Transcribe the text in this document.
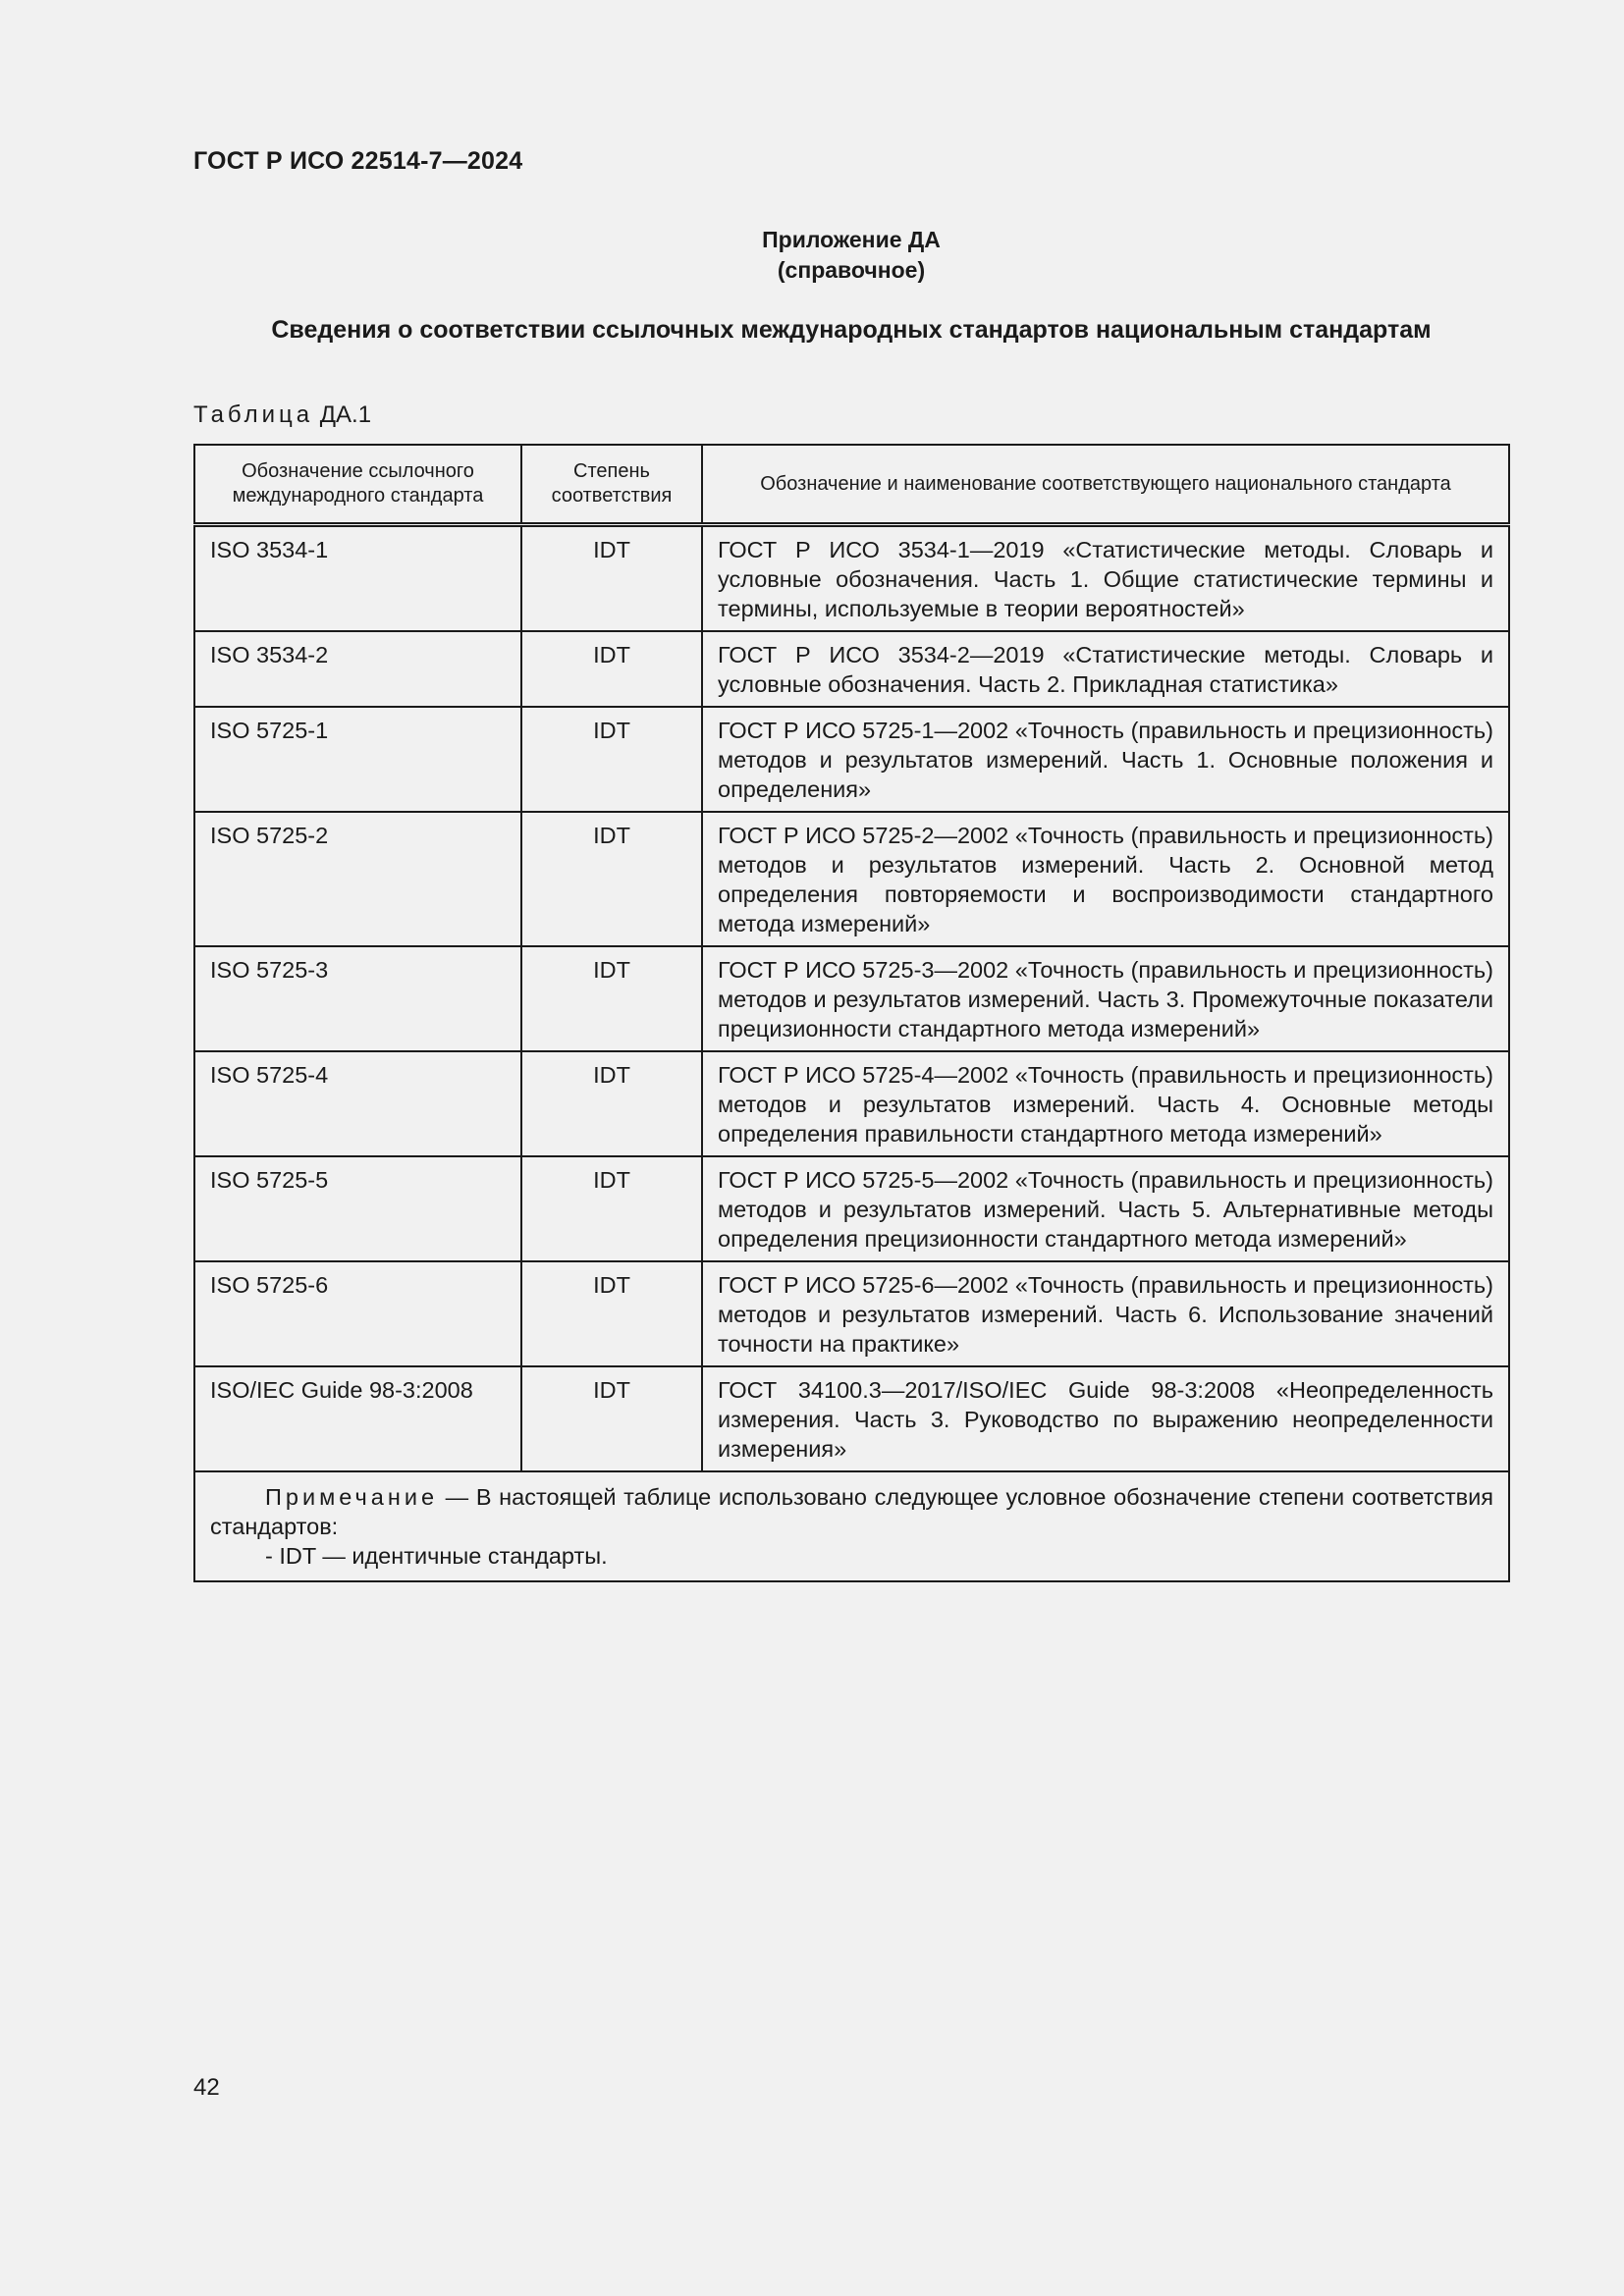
ГОСТ Р ИСО 22514-7—2024
Приложение ДА
(справочное)
Сведения о соответствии ссылочных международных стандартов национальным стандартам
Таблица ДА.1
Обозначение ссылочного международного стандарта	Степень соответствия	Обозначение и наименование соответствующего национального стандарта
ISO 3534-1	IDT	ГОСТ Р ИСО 3534-1—2019 «Статистические методы. Словарь и условные обозначения. Часть 1. Общие статистические термины и термины, используемые в теории вероятностей»
ISO 3534-2	IDT	ГОСТ Р ИСО 3534-2—2019 «Статистические методы. Словарь и условные обозначения. Часть 2. Прикладная статистика»
ISO 5725-1	IDT	ГОСТ Р ИСО 5725-1—2002 «Точность (правильность и прецизионность) методов и результатов измерений. Часть 1. Основные положения и определения»
ISO 5725-2	IDT	ГОСТ Р ИСО 5725-2—2002 «Точность (правильность и прецизионность) методов и результатов измерений. Часть 2. Основной метод определения повторяемости и воспроизводимости стандартного метода измерений»
ISO 5725-3	IDT	ГОСТ Р ИСО 5725-3—2002 «Точность (правильность и прецизионность) методов и результатов измерений. Часть 3. Промежуточные показатели прецизионности стандартного метода измерений»
ISO 5725-4	IDT	ГОСТ Р ИСО 5725-4—2002 «Точность (правильность и прецизионность) методов и результатов измерений. Часть 4. Основные методы определения правильности стандартного метода измерений»
ISO 5725-5	IDT	ГОСТ Р ИСО 5725-5—2002 «Точность (правильность и прецизионность) методов и результатов измерений. Часть 5. Альтернативные методы определения прецизионности стандартного метода измерений»
ISO 5725-6	IDT	ГОСТ Р ИСО 5725-6—2002 «Точность (правильность и прецизионность) методов и результатов измерений. Часть 6. Использование значений точности на практике»
ISO/IEC Guide 98-3:2008	IDT	ГОСТ 34100.3—2017/ISO/IEC Guide 98-3:2008 «Неопределенность измерения. Часть 3. Руководство по выражению неопределенности измерения»
Примечание — В настоящей таблице использовано следующее условное обозначение степени соответствия стандартов:
- IDT — идентичные стандарты.		
42
